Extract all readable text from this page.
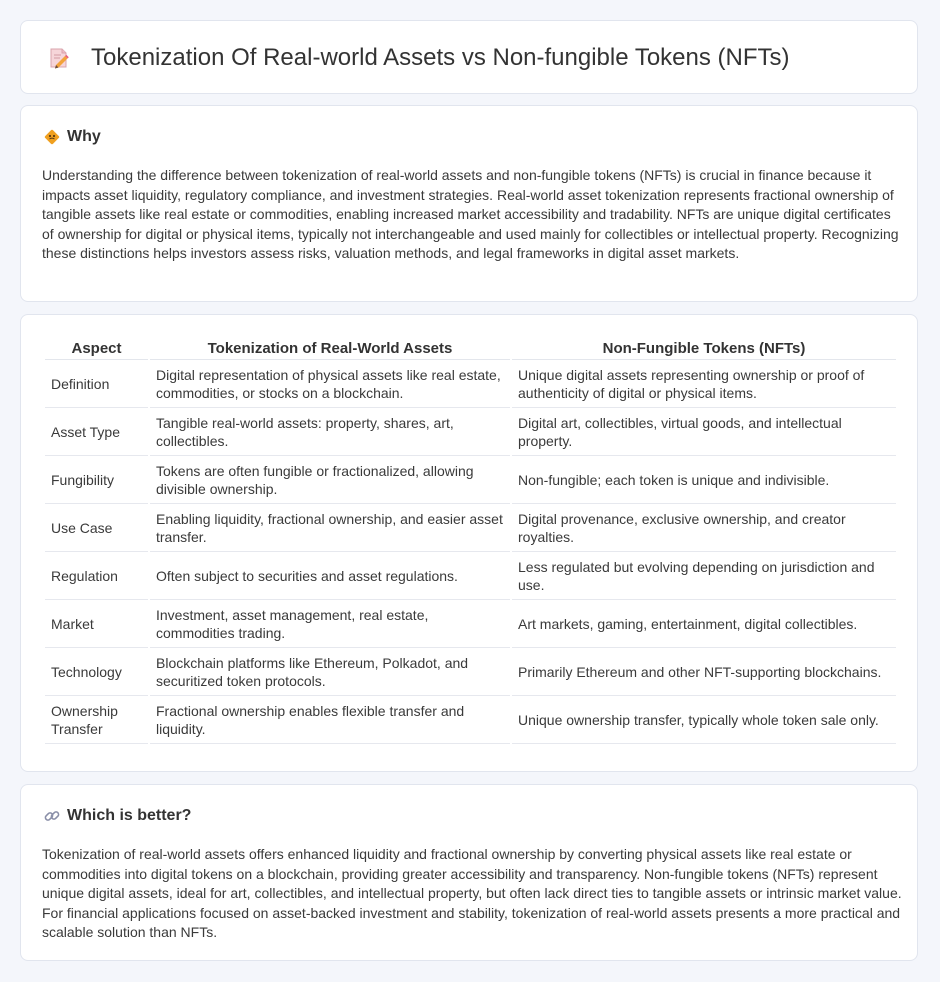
Tokenization Of Real-world Assets vs Non-fungible Tokens (NFTs)
Why

Understanding the difference between tokenization of real-world assets and non-fungible tokens (NFTs) is crucial in finance because it impacts asset liquidity, regulatory compliance, and investment strategies. Real-world asset tokenization represents fractional ownership of tangible assets like real estate or commodities, enabling increased market accessibility and tradability. NFTs are unique digital certificates of ownership for digital or physical items, typically not interchangeable and used mainly for collectibles or intellectual property. Recognizing these distinctions helps investors assess risks, valuation methods, and legal frameworks in digital asset markets.

Aspect	Tokenization of Real-World Assets	Non-Fungible Tokens (NFTs)
Definition	Digital representation of physical assets like real estate, commodities, or stocks on a blockchain.	Unique digital assets representing ownership or proof of authenticity of digital or physical items.
Asset Type	Tangible real-world assets: property, shares, art, collectibles.	Digital art, collectibles, virtual goods, and intellectual property.
Fungibility	Tokens are often fungible or fractionalized, allowing divisible ownership.	Non-fungible; each token is unique and indivisible.
Use Case	Enabling liquidity, fractional ownership, and easier asset transfer.	Digital provenance, exclusive ownership, and creator royalties.
Regulation	Often subject to securities and asset regulations.	Less regulated but evolving depending on jurisdiction and use.
Market	Investment, asset management, real estate, commodities trading.	Art markets, gaming, entertainment, digital collectibles.
Technology	Blockchain platforms like Ethereum, Polkadot, and securitized token protocols.	Primarily Ethereum and other NFT-supporting blockchains.
Ownership Transfer	Fractional ownership enables flexible transfer and liquidity.	Unique ownership transfer, typically whole token sale only.
Which is better?

Tokenization of real-world assets offers enhanced liquidity and fractional ownership by converting physical assets like real estate or commodities into digital tokens on a blockchain, providing greater accessibility and transparency. Non-fungible tokens (NFTs) represent unique digital assets, ideal for art, collectibles, and intellectual property, but often lack direct ties to tangible assets or intrinsic market value. For financial applications focused on asset-backed investment and stability, tokenization of real-world assets presents a more practical and scalable solution than NFTs.
